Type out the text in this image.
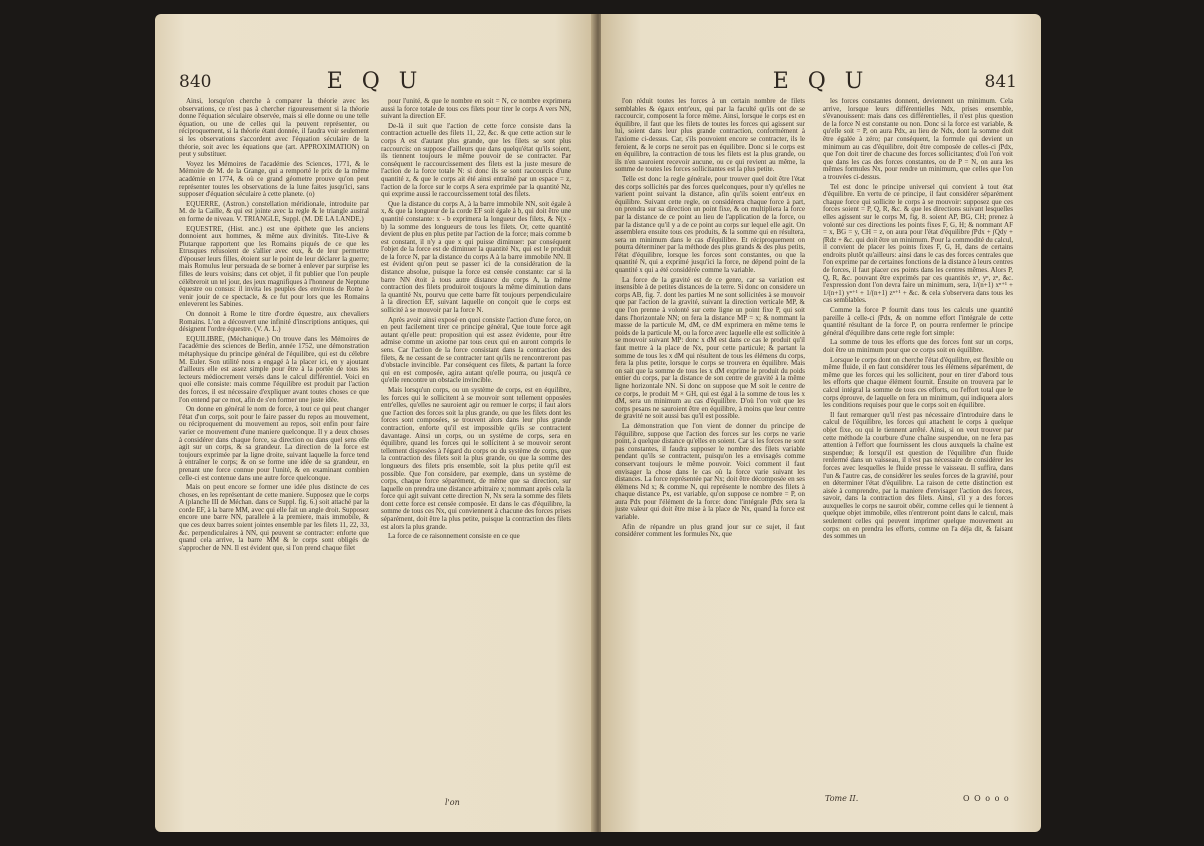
840	E Q U

Ainsi, lorsqu'on cherche à comparer la théorie avec les observations, ce n'est pas à chercher rigoureusement si la théorie donne l'équation séculaire observée, mais si elle donne ou une telle équation, ou une de celles qui la peuvent représenter, ou réciproquement, si la théorie étant donnée, il faudra voir seulement si les observations s'accordent avec l'équation séculaire de la théorie, soit avec les équations que (art. APPROXIMATION) on peut y substituer.

Voyez les Mémoires de l'académie des Sciences, 1771, & le Mémoire de M. de la Grange, qui a remporté le prix de la même académie en 1774, & où ce grand géometre prouve qu'on peut représenter toutes les observations de la lune faites jusqu'ici, sans supposer d'équation séculaire à cette planete. (o)

EQUERRE, (Astron.) constellation méridionale, introduite par M. de la Caille, & qui est jointe avec la regle & le triangle austral en forme de niveau. V. TRIANGLE, Suppl. (M. DE LA LANDE.)

EQUESTRE, (Hist. anc.) est une épithete que les anciens donnoient aux hommes, & même aux divinités. Tite-Live & Plutarque rapportent que les Romains piqués de ce que les Etrusques refusoient de s'allier avec eux, & de leur permettre d'épouser leurs filles, étoient sur le point de leur déclarer la guerre; mais Romulus leur persuada de se borner à enlever par surprise les filles de leurs voisins; dans cet objet, il fit publier que l'on peuple célébreroit un tel jour, des jeux magnifiques à l'honneur de Neptune équestre ou consus: il invita les peuples des environs de Rome à venir jouir de ce spectacle, & ce fut pour lors que les Romains enleverent les Sabines.

On donnoit à Rome le titre d'ordre équestre, aux chevaliers Romains. L'on a découvert une infinité d'inscriptions antiques, qui désignent l'ordre équestre. (V. A. L.)

EQUILIBRE, (Méchanique.) On trouve dans les Mémoires de l'académie des sciences de Berlin, année 1752, une démonstration métaphysique du principe général de l'équilibre, qui est du célebre M. Euler. Son utilité nous a engagé à la placer ici, en y ajoutant d'ailleurs elle est assez simple pour être à la portée de tous les lecteurs médiocrement versés dans le calcul différentiel. Voici en quoi elle consiste: mais comme l'équilibre est produit par l'action des forces, il est nécessaire d'expliquer avant toutes choses ce que l'on entend par ce mot, afin de s'en former une juste idée.

On donne en général le nom de force, à tout ce qui peut changer l'état d'un corps, soit pour le faire passer du repos au mouvement, ou réciproquement du mouvement au repos, soit enfin pour faire varier ce mouvement d'une maniere quelconque. Il y a deux choses à considérer dans chaque force, sa direction ou dans quel sens elle agit sur un corps, & sa grandeur. La direction de la force est toujours exprimée par la ligne droite, suivant laquelle la force tend à entraîner le corps; & on se forme une idée de sa grandeur, en prenant une force connue pour l'unité, & en examinant combien celle-ci est contenue dans une autre force quelconque.

Mais on peut encore se former une idée plus distincte de ces choses, en les représentant de cette maniere. Supposez que le corps A (planche III de Méchan. dans ce Suppl. fig. 6.) soit attaché par la corde EF, à la barre MM, avec qui elle fait un angle droit. Supposez encore une barre NN, parallele à la premiere, mais immobile, & que ces deux barres soient jointes ensemble par les filets 11, 22, 33, &c. perpendiculaires à NN, qui peuvent se contracter: enforte que quand cela arrive, la barre MM & le corps sont obligés de s'approcher de NN. Il est évident que, si l'on prend chaque filet

pour l'unité, & que le nombre en soit = N, ce nombre exprimera aussi la force totale de tous ces filets pour tirer le corps A vers NN, suivant la direction EF.

De-là il suit que l'action de cette force consiste dans la contraction actuelle des filets 11, 22, &c. & que cette action sur le corps A est d'autant plus grande, que les filets se sont plus raccourcis: on suppose d'ailleurs que dans quelqu'état qu'ils soient, ils tiennent toujours le même pouvoir de se contracter. Par conséquent le raccourcissement des filets est la juste mesure de l'action de la force totale N: si donc ils se sont raccourcis d'une quantité z, & que le corps ait été ainsi entraîné par un espace = z, l'action de la force sur le corps A sera exprimée par la quantité Nz, qui exprime aussi le raccourcissement total des filets.

Que la distance du corps A, à la barre immobile NN, soit égale à x, & que la longueur de la corde EF soit égale à b, qui doit être une quantité constante: x - b exprimera la longueur des filets, & N(x - b) la somme des longueurs de tous les filets. Or, cette quantité devient de plus en plus petite par l'action de la force; mais comme b est constant, il n'y a que x qui puisse diminuer: par conséquent l'objet de la force est de diminuer la quantité Nx, qui est le produit de la force N, par la distance du corps A à la barre immobile NN. Il est évident qu'on peut se passer ici de la considération de la distance absolue, puisque la force est censée constante: car si la barre NN étoit à tous autre distance du corps A, la même contraction des filets produiroit toujours la même diminution dans la quantité Nx, pourvu que cette barre fût toujours perpendiculaire à la direction EF, suivant laquelle on conçoit que le corps est sollicité à se mouvoir par la force N.

Après avoir ainsi exposé en quoi consiste l'action d'une force, on en peut facilement tirer ce principe général, Que toute force agit autant qu'elle peut: proposition qui est assez évidente, pour être admise comme un axiome par tous ceux qui en auront compris le sens. Car l'action de la force consistant dans la contraction des filets, & ne cessant de se contracter tant qu'ils ne rencontreront pas d'obstacle invincible. Par conséquent ces filets, & partant la force qui en est composée, agira autant qu'elle pourra, ou jusqu'à ce qu'elle rencontre un obstacle invincible.

Mais lorsqu'un corps, ou un système de corps, est en équilibre, les forces qui le sollicitent à se mouvoir sont tellement opposées entr'elles, qu'elles ne sauroient agir ou remuer le corps; il faut alors que l'action des forces soit la plus grande, ou que les filets dont les forces sont composées, se trouvent alors dans leur plus grande contraction, enforte qu'il est impossible qu'ils se contractent davantage. Ainsi un corps, ou un système de corps, sera en équilibre, quand les forces qui le sollicitent à se mouvoir seront tellement disposées à l'égard du corps ou du système de corps, que la contraction des filets soit la plus grande, ou que la somme des longueurs des filets pris ensemble, soit la plus petite qu'il est possible. Que l'on considere, par exemple, dans un système de corps, chaque force séparément, de même que sa direction, sur laquelle on prendra une distance arbitraire x; nommant après cela la force qui agit suivant cette direction N, Nx sera la somme des filets dont cette force est censée composée. Et dans le cas d'équilibre, la somme de tous ces Nx, qui conviennent à chacune des forces prises séparément, doit être la plus petite, puisque la contraction des filets est alors la plus grande.

La force de ce raisonnement consiste en ce que

l'on
841
E Q U

l'on réduit toutes les forces à un certain nombre de filets semblables & égaux entr'eux, qui par la faculté qu'ils ont de se raccourcir, composent la force même. Ainsi, lorsque le corps est en équilibre, il faut que les filets de toutes les forces qui agissent sur lui, soient dans leur plus grande contraction, conformément à l'axiome ci-dessus. Car, s'ils pouvoient encore se contracter, ils le feroient, & le corps ne seroit pas en équilibre. Donc si le corps est en équilibre, la contraction de tous les filets est la plus grande, ou ils n'en sauroient recevoir aucune, ou ce qui revient au même, la somme de toutes les forces sollicitantes est la plus petite.

Telle est donc la regle générale, pour trouver quel doit être l'état des corps sollicités par des forces quelconques, pour n'y qu'elles ne varient point suivant la distance, afin qu'ils soient entr'eux en équilibre. Suivant cette regle, on considérera chaque force à part, on prendra sur sa direction un point fixe, & on multipliera la force par la distance de ce point au lieu de l'application de la force, ou par la distance qu'il y a de ce point au corps sur lequel elle agit. On assemblera ensuite tous ces produits, & la somme qui en résultera, sera un minimum dans le cas d'équilibre. Et réciproquement on pourra déterminer par la méthode des plus grands & des plus petits, l'état d'équilibre, lorsque les forces sont constantes, ou que la quantité N, qui a exprimé jusqu'ici la force, ne dépend point de la quantité x qui a été considérée comme la variable.

La force de la gravité est de ce genre, car sa variation est insensible à de petites distances de la terre. Si donc on considere un corps AB, fig. 7. dont les parties M ne sont sollicitées à se mouvoir que par l'action de la gravité, suivant la direction verticale MP, & que l'on prenne à volonté sur cette ligne un point fixe P, qui soit dans l'horizontale NN; on fera la distance MP = x; & nommant la masse de la particule M, dM, ce dM exprimera en même tems le poids de la particule M, ou la force avec laquelle elle est sollicitée à se mouvoir suivant MP: donc x dM est dans ce cas le produit qu'il faut mettre à la place de Nx, pour cette particule; & partant la somme de tous les x dM qui résultent de tous les élémens du corps, fera la plus petite, lorsque le corps se trouvera en équilibre. Mais on sait que la somme de tous les x dM exprime le produit du poids entier du corps, par la distance de son centre de gravité à la même ligne horizontale NN. Si donc on suppose que M soit le centre de ce corps, le produit M × GH, qui est égal à la somme de tous les x dM, sera un minimum au cas d'équilibre. D'où l'on voit que les corps pesans ne sauroient être en équilibre, à moins que leur centre de gravité ne soit aussi bas qu'il est possible.

La démonstration que l'on vient de donner du principe de l'équilibre, suppose que l'action des forces sur les corps ne varie point, à quelque distance qu'elles en soient. Car si les forces ne sont pas constantes, il faudra supposer le nombre des filets variable pendant qu'ils se contractent, puisqu'on les a envisagés comme conservant toujours le même pouvoir. Voici comment il faut envisager la chose dans le cas où la force varie suivant les distances. La force représentée par Nx; doit être décomposée en ses élémens Nd x; & comme N, qui représente le nombre des filets à chaque distance Px, est variable, qu'on suppose ce nombre = P, on aura Pdx pour l'élément de la force: donc l'intégrale ∫Pdx sera la juste valeur qui doit être mise à la place de Nx, quand la force est variable.

Afin de répandre un plus grand jour sur ce sujet, il faut considérer comment les formules Nx, que

les forces constantes donnent, deviennent un minimum. Cela arrive, lorsque leurs différentielles Ndx, prises ensemble, s'évanouissent: mais dans ces différentielles, il n'est plus question de la force N est constante ou non. Donc si la force est variable, & qu'elle soit = P, on aura Pdx, au lieu de Ndx, dont la somme doit être égalée à zéro; par conséquent, la formule qui devient un minimum au cas d'équilibre, doit être composée de celles-ci ∫Pdx, que l'on doit tirer de chacune des forces sollicitantes; d'où l'on voit que dans les cas des forces constantes, ou de P = N, on aura les mêmes formules Nx, pour rendre un minimum, que celles que l'on a trouvées ci-dessus.

Tel est donc le principe universel qui convient à tout état d'équilibre. En vertu de ce principe, il faut considérer séparément chaque force qui sollicite le corps à se mouvoir: supposez que ces forces soient = P, Q, R, &c. & que les directions suivant lesquelles elles agissent sur le corps M, fig. 8. soient AP, BG, CH; prenez à volonté sur ces directions les points fixes F, G, H; & nommant AF = x, BG = y, CH = z, on aura pour l'état d'équilibre ∫Pdx + ∫Qdy + ∫Rdz + &c. qui doit être un minimum. Pour la commodité du calcul, il convient de placer les points fixes F, G, H, dans de certains endroits plutôt qu'ailleurs: ainsi dans le cas des forces centrales que l'on exprime par de certaines fonctions de la distance à leurs centres de forces, il faut placer ces points dans les centres mêmes. Alors P, Q, R, &c. pouvant être exprimés par ces quantités xⁿ, yⁿ, zⁿ, &c. l'expression dont l'on devra faire un minimum, sera, 1/(n+1) xⁿ⁺¹ + 1/(n+1) yⁿ⁺¹ + 1/(n+1) zⁿ⁺¹ + &c. & cela s'observera dans tous les cas semblables.

Comme la force P fournit dans tous les calculs une quantité pareille à celle-ci ∫Pdx, & on nomme effort l'intégrale de cette quantité résultant de la force P, on pourra renfermer le principe général d'équilibre dans cette regle fort simple:

La somme de tous les efforts que des forces font sur un corps, doit être un minimum pour que ce corps soit en équilibre.

Lorsque le corps dont on cherche l'état d'équilibre, est flexible ou même fluide, il en faut considérer tous les élémens séparément, de même que les forces qui les sollicitent, pour en tirer d'abord tous les efforts que chaque élément fournit. Ensuite on trouvera par le calcul intégral la somme de tous ces efforts, ou l'effort total que le corps éprouve, de laquelle on fera un minimum, qui indiquera alors les conditions requises pour que le corps soit en équilibre.

Il faut remarquer qu'il n'est pas nécessaire d'introduire dans le calcul de l'équilibre, les forces qui attachent le corps à quelque objet fixe, ou qui le tiennent arrêté. Ainsi, si on veut trouver par cette méthode la courbure d'une chaîne suspendue, on ne fera pas attention à l'effort que fournissent les clous auxquels la chaîne est suspendue; & lorsqu'il est question de l'équilibre d'un fluide renfermé dans un vaisseau, il n'est pas nécessaire de considérer les forces avec lesquelles le fluide presse le vaisseau. Il suffira, dans l'un & l'autre cas, de considérer les seules forces de la gravité, pour en déterminer l'état d'équilibre. La raison de cette distinction est aisée à comprendre, par la maniere d'envisager l'action des forces, savoir, dans la contraction des filets. Ainsi, s'il y a des forces auxquelles le corps ne sauroit obéir, comme celles qui le tiennent à quelque objet immobile, elles n'entreront point dans le calcul, mais seulement celles qui peuvent imprimer quelque mouvement au corps: on en prendra les efforts, comme on l'a déja dit, & faisant des sommes un

Tome II.	O O o o o
